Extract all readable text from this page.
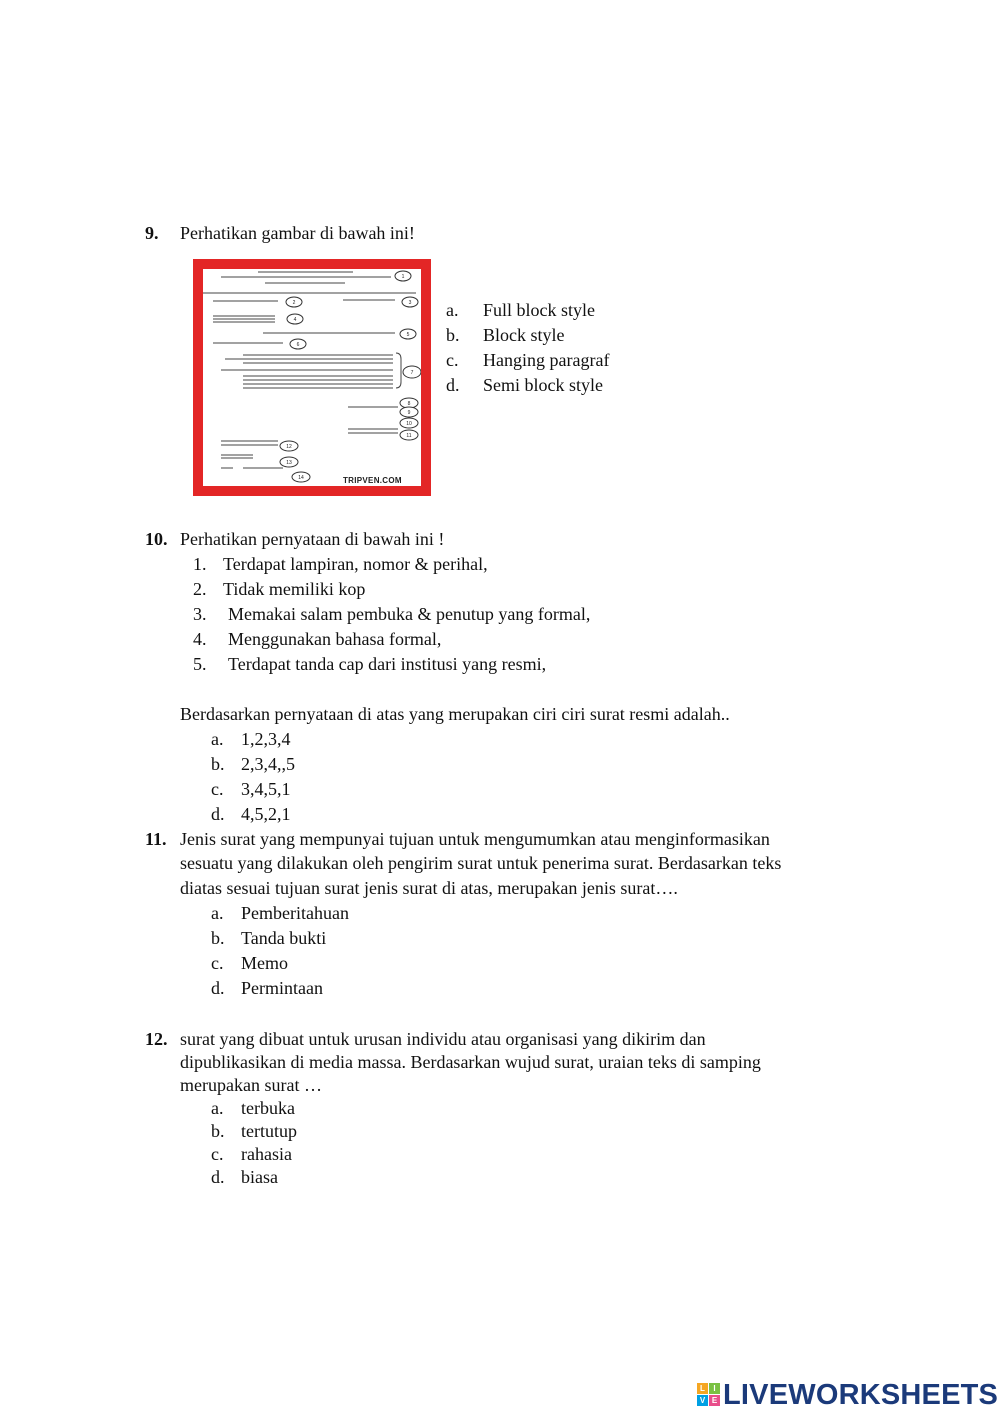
9. Perhatikan gambar di bawah ini!
1
2	3
4
5
6
7
8
9
10
11
12
13
14	TRIPVEN.COM
a. Full block style
b. Block style
c. Hanging paragraf
d. Semi block style
10. Perhatikan pernyataan di bawah ini !
1. Terdapat lampiran, nomor & perihal,
2. Tidak memiliki kop
3. Memakai salam pembuka & penutup yang formal,
4. Menggunakan bahasa formal,
5. Terdapat tanda cap dari institusi yang resmi,
Berdasarkan pernyataan di atas yang merupakan ciri ciri surat resmi adalah..
a. 1,2,3,4
b. 2,3,4,,5
c. 3,4,5,1
d. 4,5,2,1
11. Jenis surat yang mempunyai tujuan untuk mengumumkan atau menginformasikan
sesuatu yang dilakukan oleh pengirim surat untuk penerima surat. Berdasarkan teks
diatas sesuai tujuan surat jenis surat di atas, merupakan jenis surat….
a. Pemberitahuan
b. Tanda bukti
c. Memo
d. Permintaan
12. surat yang dibuat untuk urusan individu atau organisasi yang dikirim dan
dipublikasikan di media massa. Berdasarkan wujud surat, uraian teks di samping
merupakan surat …
a. terbuka
b. tertutup
c. rahasia
d. biasa
L	I
V E LIVEWORKSHEETS
